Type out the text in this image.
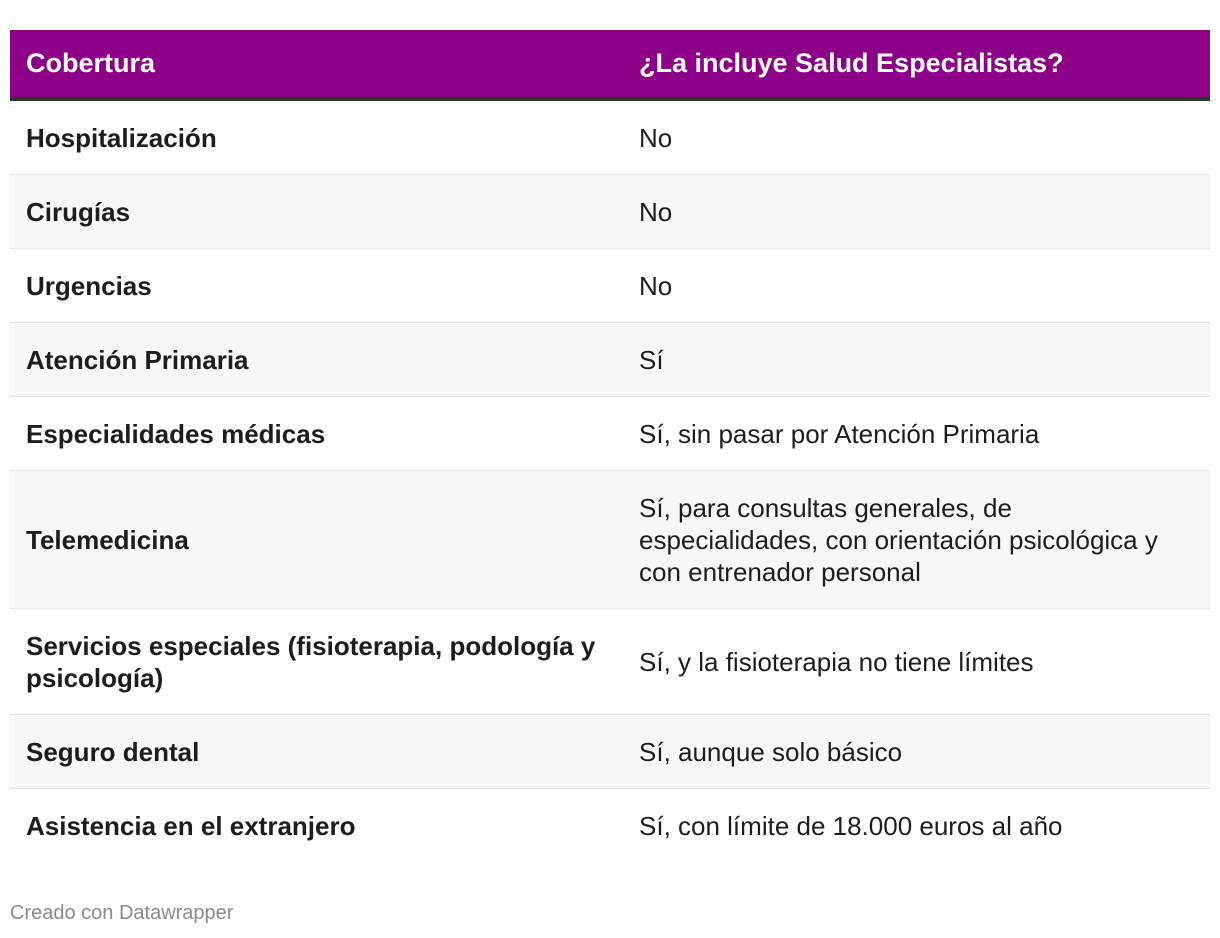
Cobertura	¿La incluye Salud Especialistas?
Hospitalización	No
Cirugías	No
Urgencias	No
Atención Primaria	Sí
Especialidades médicas	Sí, sin pasar por Atención Primaria
Telemedicina	Sí, para consultas generales, de especialidades, con orientación psicológica y con entrenador personal
Servicios especiales (fisioterapia, podología y psicología)	Sí, y la fisioterapia no tiene límites
Seguro dental	Sí, aunque solo básico
Asistencia en el extranjero	Sí, con límite de 18.000 euros al año
Creado con Datawrapper
